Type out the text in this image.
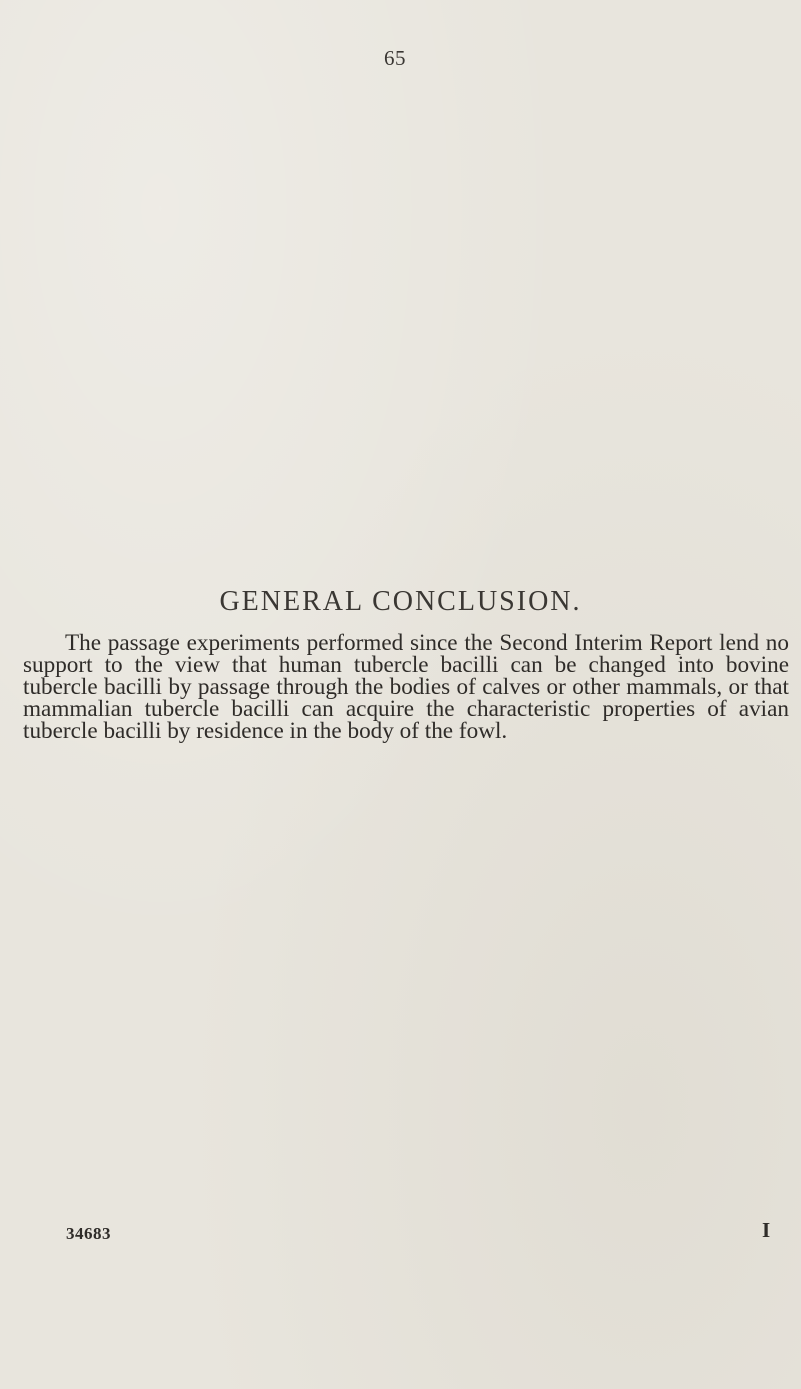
65
GENERAL CONCLUSION.

The passage experiments performed since the Second Interim Report lend no support to the view that human tubercle bacilli can be changed into bovine tubercle bacilli by passage through the bodies of calves or other mammals, or that mammalian tubercle bacilli can acquire the characteristic properties of avian tubercle bacilli by residence in the body of the fowl.

34683	I
